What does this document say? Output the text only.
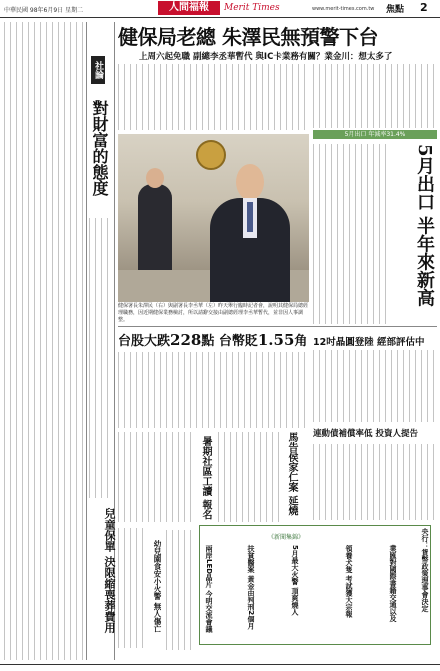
中華民國 98年6月9日 星期二	人間福報	Merit Times	www.merit-times.com.tw 焦點 2
社論
對財富的態度
健保局老總 朱澤民無預警下台
上周六起免職 副總李丞華暫代 與IC卡業務有關？業金川：想太多了
健保署長朱澤民（右）與副署長李丞華（左）昨天舉行臨時記者會，說明其健保局總經理職務，因近期健保業務檢討，所以請辭交接由副總經理李丞華暫代，並非因人事調整。
5月出口 年減率31.4%
5月出口 半年來新高
台股大跌228點 台幣貶1.55角 12吋晶圓登陸 經部評估中
連動債補償率低 投資人提告
暑期社區工讀 報名	馬告侯家仁案 延燒
兒童保單 決限縮喪葬費用	幼兒園食安小火警 無人傷亡
《新聞集錦》
兩岸LED晶片 今明交流會議	扶貧醫案 黃金由判刑2個月	5月最大火警 頂爽燒人	領養犬隻 考試獲大宗報	業匯對國際書籍交通以及	央行：貨幣政策理事會決定
